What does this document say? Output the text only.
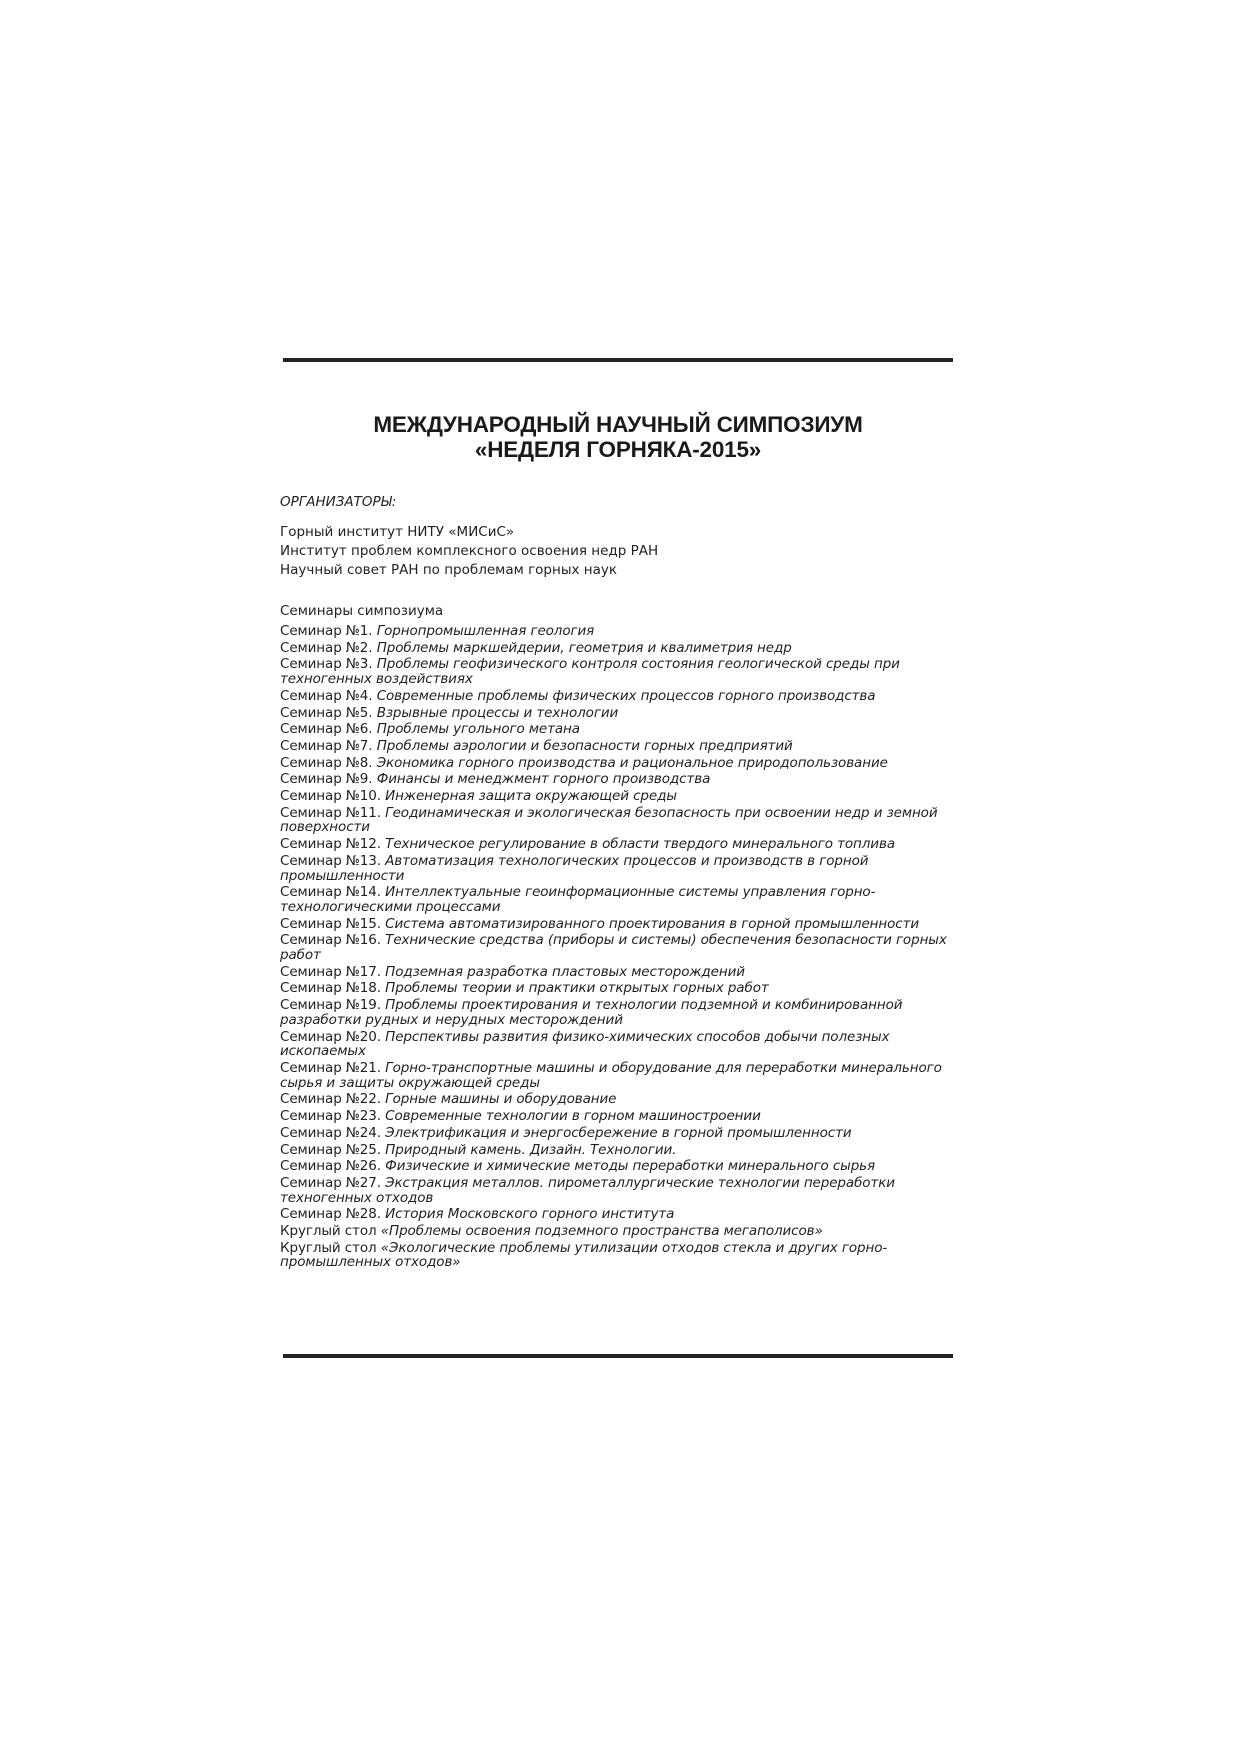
МЕЖДУНАРОДНЫЙ НАУЧНЫЙ СИМПОЗИУМ
«НЕДЕЛЯ ГОРНЯКА-2015»
ОРГАНИЗАТОРЫ:
Горный институт НИТУ «МИСиС»
Институт проблем комплексного освоения недр РАН
Научный совет РАН по проблемам горных наук
Семинары симпозиума
Семинар №1. Горнопромышленная геология
Семинар №2. Проблемы маркшейдерии, геометрия и квалиметрия недр
Семинар №3. Проблемы геофизического контроля состояния геологической среды при техногенных воздействиях
Семинар №4. Современные проблемы физических процессов горного производства
Семинар №5. Взрывные процессы и технологии
Семинар №6. Проблемы угольного метана
Семинар №7. Проблемы аэрологии и безопасности горных предприятий
Семинар №8. Экономика горного производства и рациональное природопользование
Семинар №9. Финансы и менеджмент горного производства
Семинар №10. Инженерная защита окружающей среды
Семинар №11. Геодинамическая и экологическая безопасность при освоении недр и земной поверхности
Семинар №12. Техническое регулирование в области твердого минерального топлива
Семинар №13. Автоматизация технологических процессов и производств в горной промышленности
Семинар №14. Интеллектуальные геоинформационные системы управления горно-технологическими процессами
Семинар №15. Система автоматизированного проектирования в горной промышленности
Семинар №16. Технические средства (приборы и системы) обеспечения безопасности горных работ
Семинар №17. Подземная разработка пластовых месторождений
Семинар №18. Проблемы теории и практики открытых горных работ
Семинар №19. Проблемы проектирования и технологии подземной и комбинированной разработки рудных и нерудных месторождений
Семинар №20. Перспективы развития физико-химических способов добычи полезных ископаемых
Семинар №21. Горно-транспортные машины и оборудование для переработки минерального сырья и защиты окружающей среды
Семинар №22. Горные машины и оборудование
Семинар №23. Современные технологии в горном машиностроении
Семинар №24. Электрификация и энергосбережение в горной промышленности
Семинар №25. Природный камень. Дизайн. Технологии.
Семинар №26. Физические и химические методы переработки минерального сырья
Семинар №27. Экстракция металлов. пирометаллургические технологии переработки техногенных отходов
Семинар №28. История Московского горного института
Круглый стол «Проблемы освоения подземного пространства мегаполисов»
Круглый стол «Экологические проблемы утилизации отходов стекла и других горно-промышленных отходов»
